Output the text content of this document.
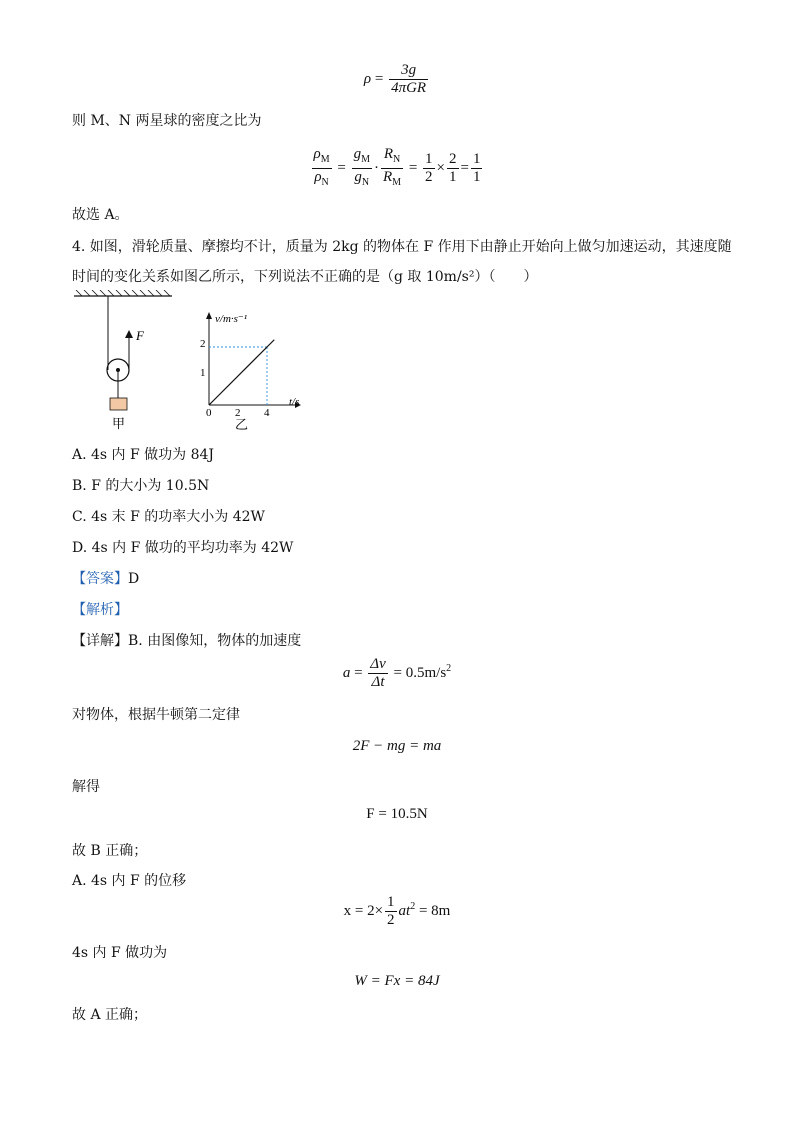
$\rho = \frac{3g}{\text{4πGR}}$
则 M、N 两星球的密度之比为
$\frac{\rho_M}{\rho_N} = \frac{g_M}{g_N} \cdot \frac{R_N}{R_M} = \frac{1}{2} \times \frac{2}{1} = \frac{1}{1}$
故选 A。
4. 如图，滑轮质量、摩擦均不计，质量为 2kg 的物体在 F 作用下由静止开始向上做匀加速运动，其速度随
时间的变化关系如图乙所示，下列说法不正确的是（g 取 10m/s²）（　　）
F
甲
v/m·s⁻¹
t/s
0 2 4
1
2
乙
A. 4s 内 F 做功为 84J
B. F 的大小为 10.5N
C. 4s 末 F 的功率大小为 42W
D. 4s 内 F 做功的平均功率为 42W
【答案】D
【解析】
【详解】B. 由图像知，物体的加速度
$a = \frac{\Delta v}{\Delta t} = 0.5m/s^2$
对物体，根据牛顿第二定律
2F − mg = ma
解得
F = 10.5N
故 B 正确；
A. 4s 内 F 的位移
$x = 2\times \frac{1}{2} at^2 = 8m$
4s 内 F 做功为
W = Fx = 84J
故 A 正确；
